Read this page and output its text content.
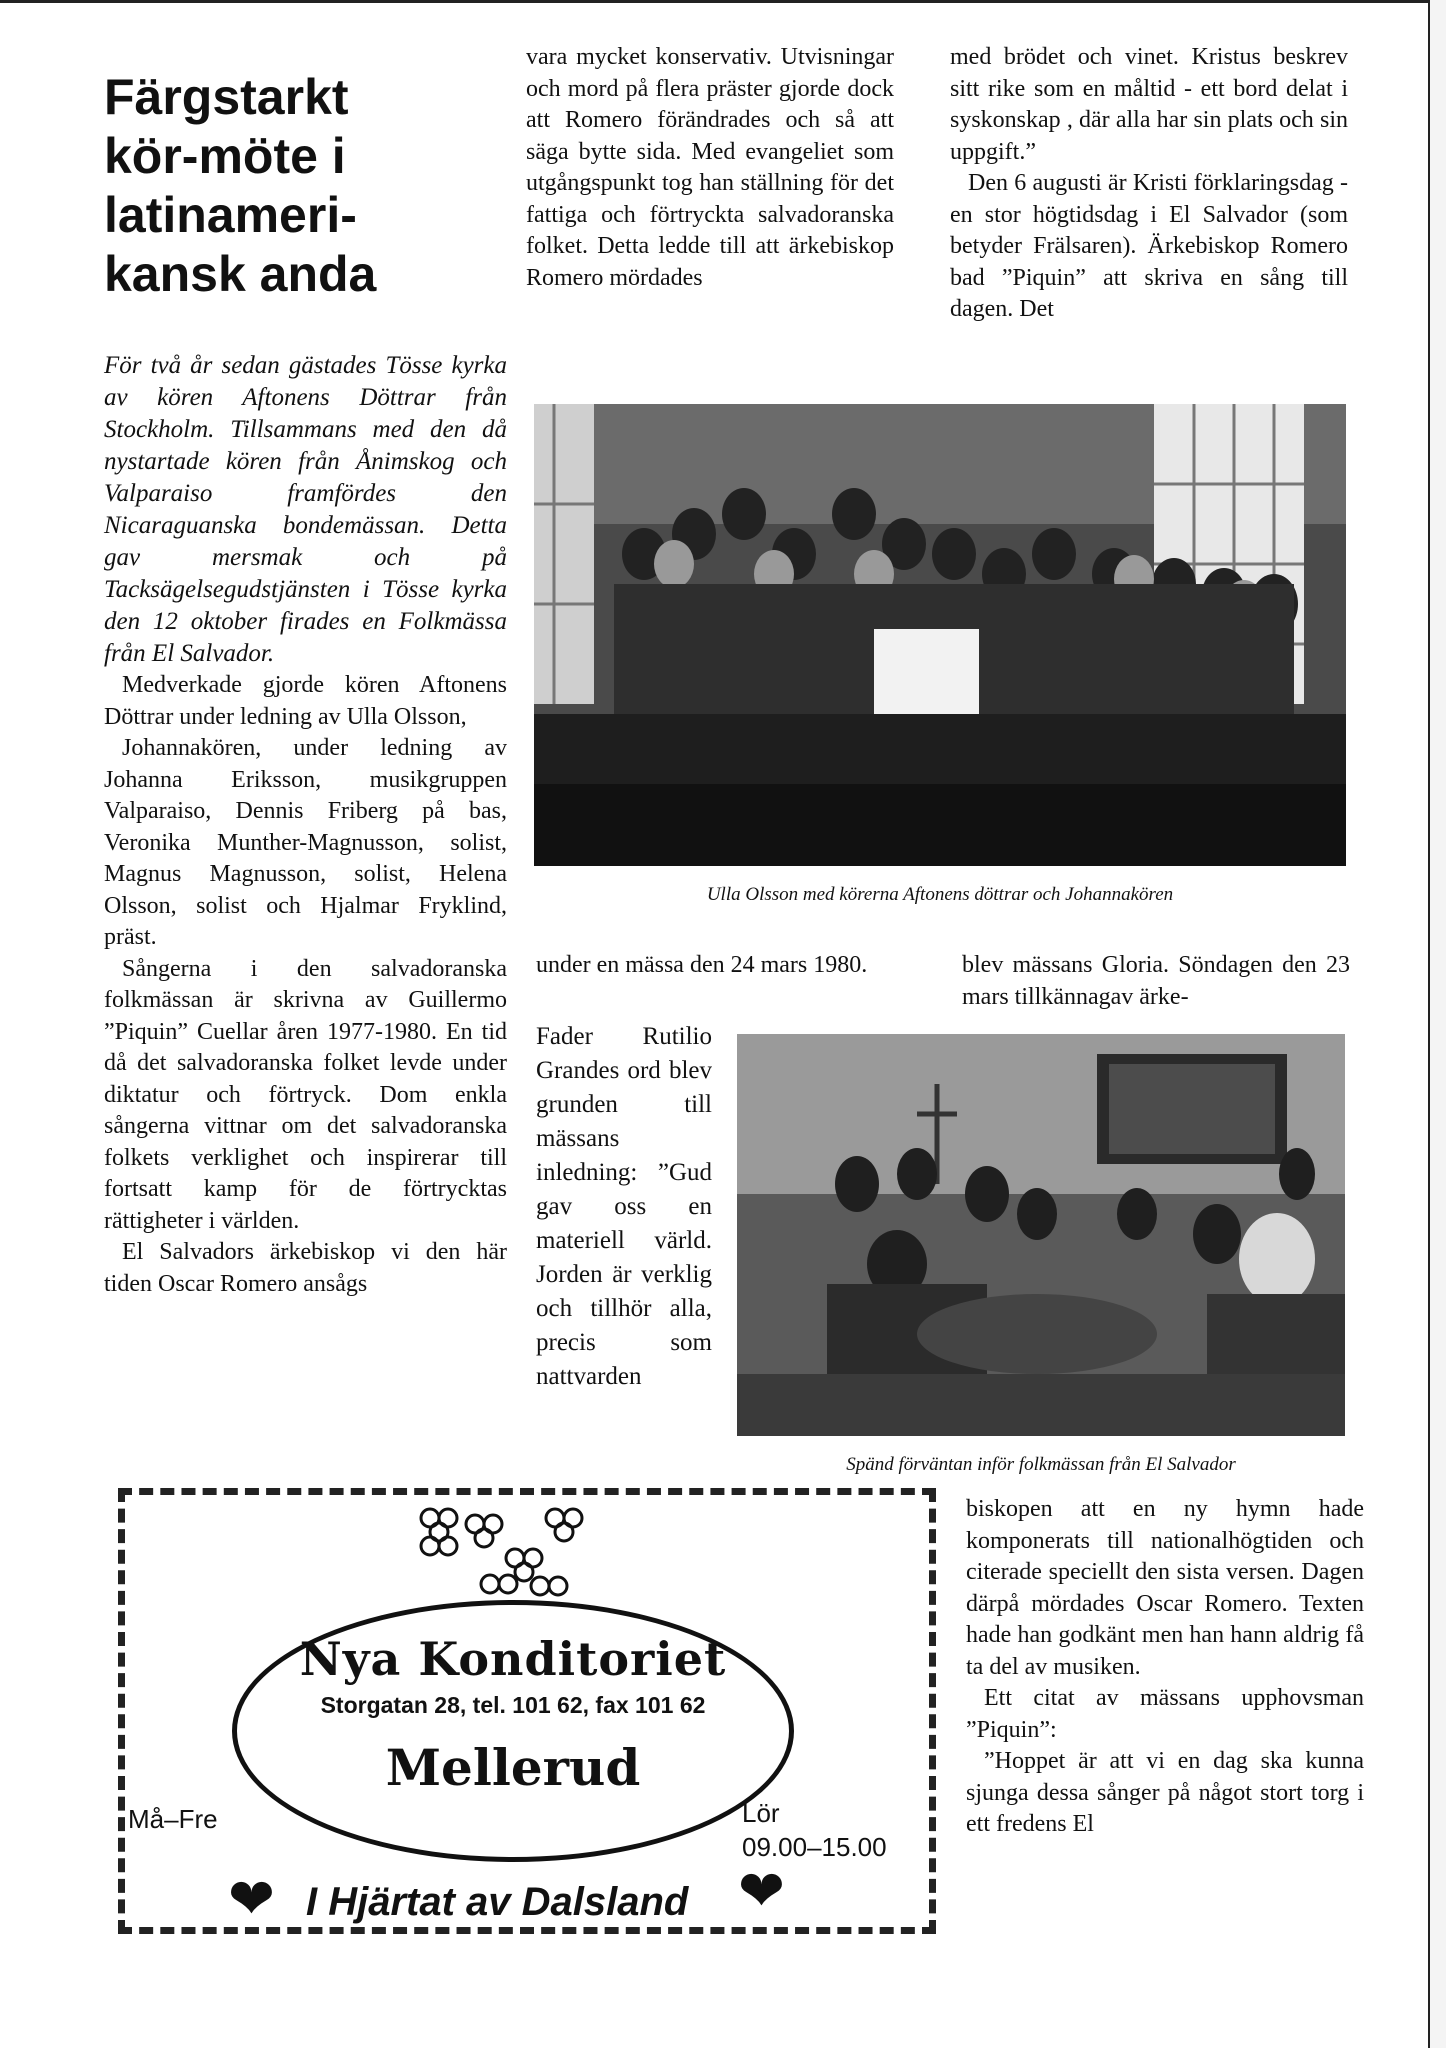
Färgstarkt kör-möte i latinameri-kansk anda

För två år sedan gästades Tösse kyrka av kören Aftonens Döttrar från Stockholm. Tillsammans med den då nystartade kören från Ånimskog och Valparaiso framfördes den Nicaraguanska bondemässan. Detta gav mersmak och på Tacksägelsegudstjänsten i Tösse kyrka den 12 oktober firades en Folkmässa från El Salvador.

Medverkade gjorde kören Aftonens Döttrar under ledning av Ulla Olsson,

Johannakören, under ledning av Johanna Eriksson, musikgruppen Valparaiso, Dennis Friberg på bas, Veronika Munther-Magnusson, solist, Magnus Magnusson, solist, Helena Olsson, solist och Hjalmar Fryklind, präst.

Sångerna i den salvadoranska folkmässan är skrivna av Guillermo ”Piquin” Cuellar åren 1977-1980. En tid då det salvadoranska folket levde under diktatur och förtryck. Dom enkla sångerna vittnar om det salvadoranska folkets verklighet och inspirerar till fortsatt kamp för de förtrycktas rättigheter i världen.

El Salvadors ärkebiskop vi den här tiden Oscar Romero ansågs

vara mycket konservativ. Utvisningar och mord på flera präster gjorde dock att Romero förändrades och så att säga bytte sida. Med evangeliet som utgångspunkt tog han ställning för det fattiga och förtryckta salvadoranska folket. Detta ledde till att ärkebiskop Romero mördades

med brödet och vinet. Kristus beskrev sitt rike som en måltid - ett bord delat i syskonskap , där alla har sin plats och sin uppgift.”

Den 6 augusti är Kristi förklaringsdag - en stor högtidsdag i El Salvador (som betyder Frälsaren). Ärkebiskop Romero bad ”Piquin” att skriva en sång till dagen. Det

Ulla Olsson med körerna Aftonens döttrar och Johannakören

under en mässa den 24 mars 1980.

Fader Rutilio Grandes ord blev grunden till mässans inledning: ”Gud gav oss en materiell värld. Jorden är verklig och tillhör alla, precis som nattvarden

blev mässans Gloria. Söndagen den 23 mars tillkännagav ärke-

Spänd förväntan inför folkmässan från El Salvador

biskopen att en ny hymn hade komponerats till nationalhögtiden och citerade speciellt den sista versen. Dagen därpå mördades Oscar Romero. Texten hade han godkänt men han hann aldrig få ta del av musiken.

Ett citat av mässans upphovsman ”Piquin”:

”Hoppet är att vi en dag ska kunna sjunga dessa sånger på något stort torg i ett fredens El

Nya Konditoriet
Storgatan 28, tel. 101 62, fax 101 62
Mellerud
Må–Fre	Lör
09.00–15.00
❤ I Hjärtat av Dalsland ❤
